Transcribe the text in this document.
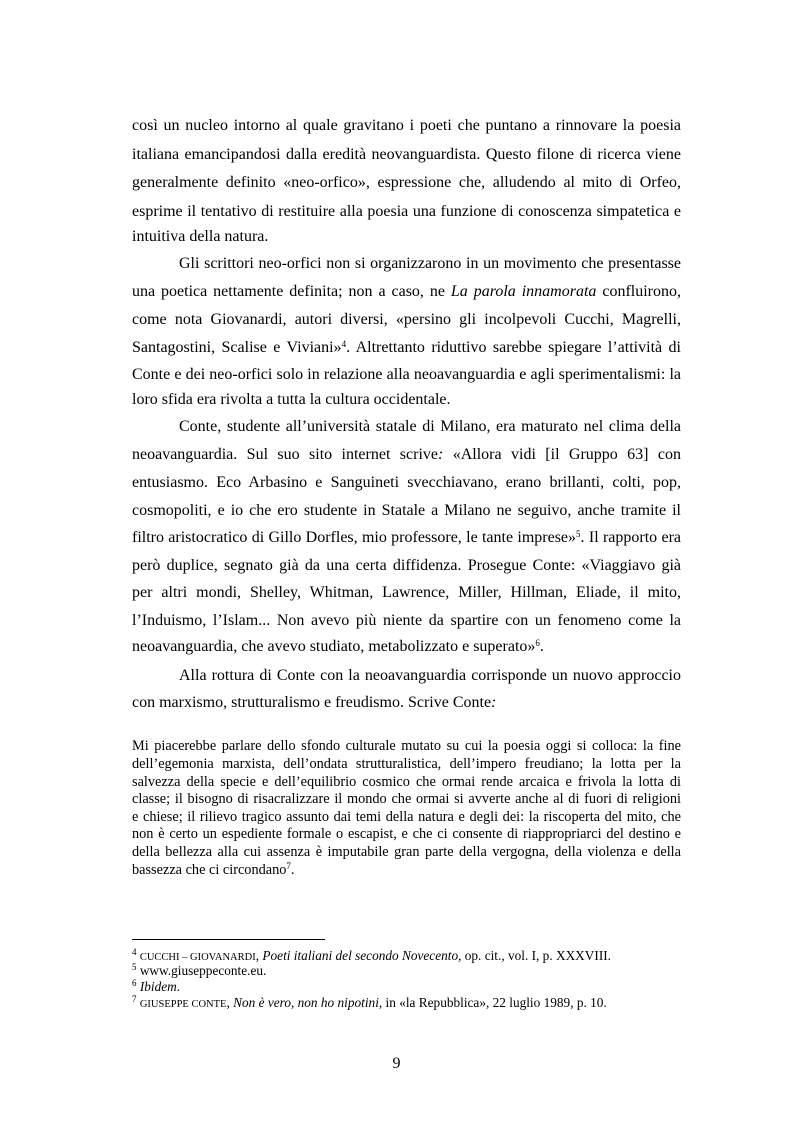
così un nucleo intorno al quale gravitano i poeti che puntano a rinnovare la poesia
italiana emancipandosi dalla eredità neovanguardista. Questo filone di ricerca viene
generalmente definito «neo-orfico», espressione che, alludendo al mito di Orfeo,
esprime il tentativo di restituire alla poesia una funzione di conoscenza simpatetica e
intuitiva della natura.
Gli scrittori neo-orfici non si organizzarono in un movimento che presentasse
una poetica nettamente definita; non a caso, ne La parola innamorata confluirono,
come nota Giovanardi, autori diversi, «persino gli incolpevoli Cucchi, Magrelli,
Santagostini, Scalise e Viviani»$^4$. Altrettanto riduttivo sarebbe spiegare l’attività di
Conte e dei neo-orfici solo in relazione alla neoavanguardia e agli sperimentalismi: la
loro sfida era rivolta a tutta la cultura occidentale.
Conte, studente all’università statale di Milano, era maturato nel clima della
neoavanguardia. Sul suo sito internet scrive: «Allora vidi [il Gruppo 63] con
entusiasmo. Eco Arbasino e Sanguineti svecchiavano, erano brillanti, colti, pop,
cosmopoliti, e io che ero studente in Statale a Milano ne seguivo, anche tramite il
filtro aristocratico di Gillo Dorfles, mio professore, le tante imprese»$^5$. Il rapporto era
però duplice, segnato già da una certa diffidenza. Prosegue Conte: «Viaggiavo già
per altri mondi, Shelley, Whitman, Lawrence, Miller, Hillman, Eliade, il mito,
l’Induismo, l’Islam... Non avevo più niente da spartire con un fenomeno come la
neoavanguardia, che avevo studiato, metabolizzato e superato»$^6$.
Alla rottura di Conte con la neoavanguardia corrisponde un nuovo approccio
con marxismo, strutturalismo e freudismo. Scrive Conte:
Mi piacerebbe parlare dello sfondo culturale mutato su cui la poesia oggi si colloca: la fine
dell’egemonia marxista, dell’ondata strutturalistica, dell’impero freudiano; la lotta per la
salvezza della specie e dell’equilibrio cosmico che ormai rende arcaica e frivola la lotta di
classe; il bisogno di risacralizzare il mondo che ormai si avverte anche al di fuori di religioni
e chiese; il rilievo tragico assunto dai temi della natura e degli dei: la riscoperta del mito, che
non è certo un espediente formale o escapist, e che ci consente di riappropriarci del destino e
della bellezza alla cui assenza è imputabile gran parte della vergogna, della violenza e della
bassezza che ci circondano$^7$.
$^4$ CUCCHI – GIOVANARDI, Poeti italiani del secondo Novecento, op. cit., vol. I, p. XXXVIII.
$^5$ www.giuseppeconte.eu.
$^6$ Ibidem.
$^7$ GIUSEPPE CONTE, Non è vero, non ho nipotini, in «la Repubblica», 22 luglio 1989, p. 10.
9
